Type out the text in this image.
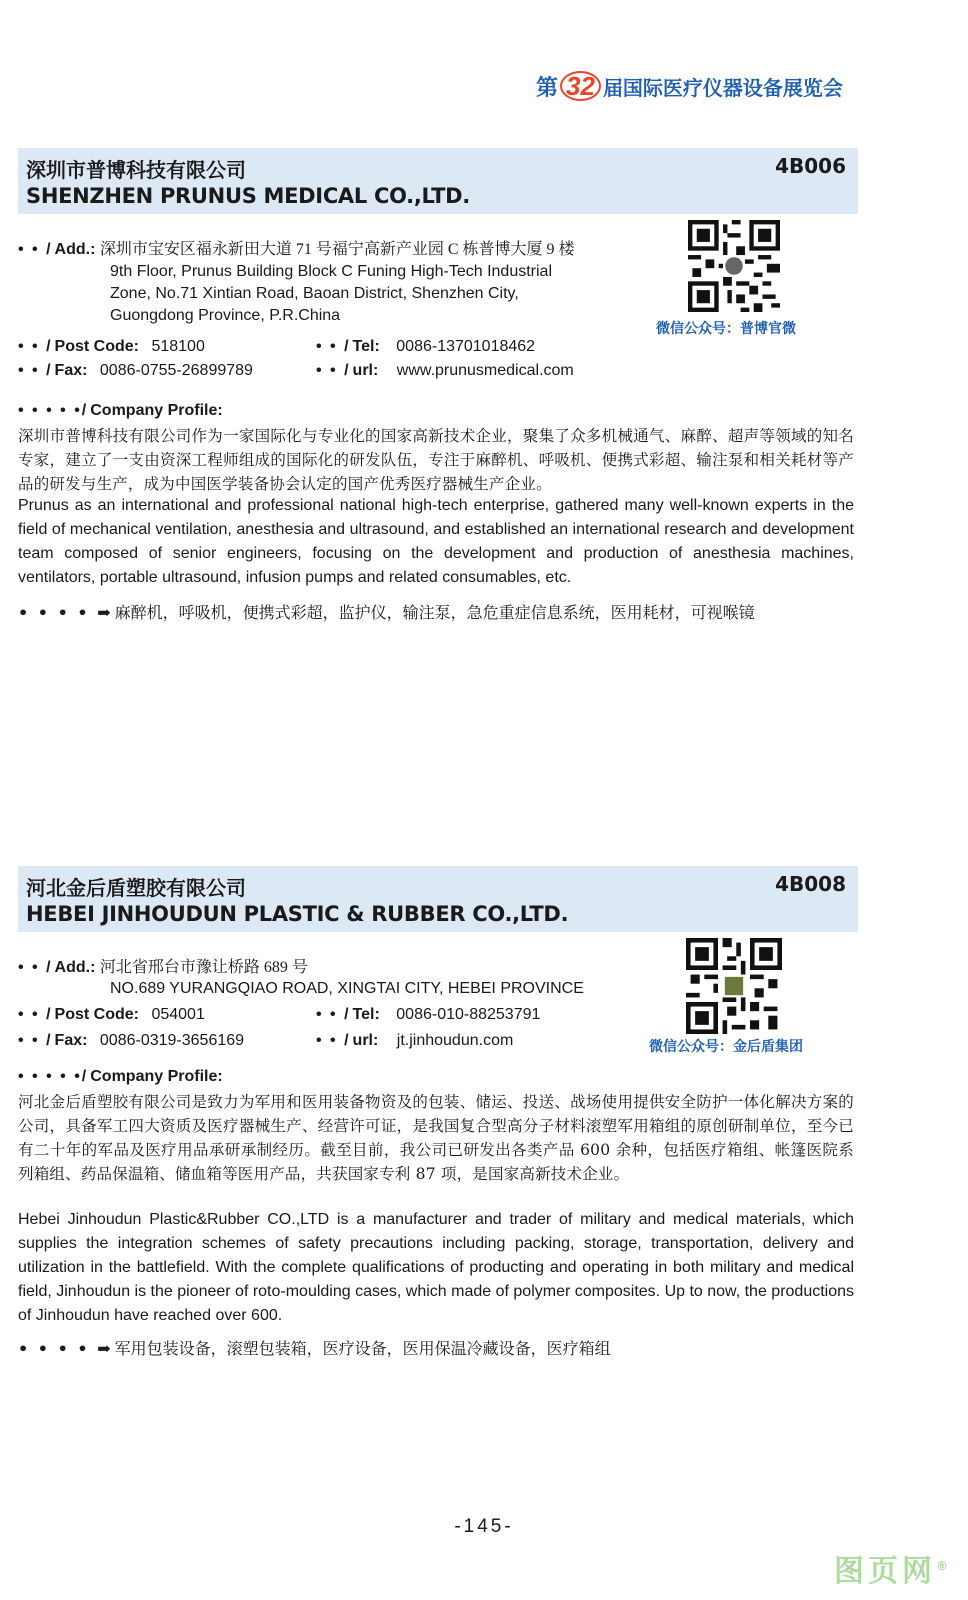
第 32 届国际医疗仪器设备展览会
深圳市普博科技有限公司
SHENZHEN PRUNUS MEDICAL CO.,LTD.
4B006
• • / Add.: 深圳市宝安区福永新田大道 71 号福宁高新产业园 C 栋普博大厦 9 楼
9th Floor, Prunus Building Block C Funing High-Tech Industrial
Zone, No.71 Xintian Road, Baoan District, Shenzhen City,
Guongdong Province, P.R.China
• • / Post Code: 518100	• • / Tel: 0086-13701018462
• • / Fax: 0086-0755-26899789	• • / url: www.prunusmedical.com
微信公众号：普博官微
• • • • •/ Company Profile:
深圳市普博科技有限公司作为一家国际化与专业化的国家高新技术企业，聚集了众多机械通气、麻醉、超声等领域的知名专家，建立了一支由资深工程师组成的国际化的研发队伍，专注于麻醉机、呼吸机、便携式彩超、输注泵和相关耗材等产品的研发与生产，成为中国医学装备协会认定的国产优秀医疗器械生产企业。
Prunus as an international and professional national high-tech enterprise, gathered many well-known experts in the field of mechanical ventilation, anesthesia and ultrasound, and established an international research and development team composed of senior engineers, focusing on the development and production of anesthesia machines, ventilators, portable ultrasound, infusion pumps and related consumables, etc.
• • • • ➡ 麻醉机，呼吸机，便携式彩超，监护仪，输注泵，急危重症信息系统，医用耗材，可视喉镜
河北金后盾塑胶有限公司
HEBEI JINHOUDUN PLASTIC & RUBBER CO.,LTD.
4B008
• • / Add.: 河北省邢台市豫让桥路 689 号
NO.689 YURANGQIAO ROAD, XINGTAI CITY, HEBEI PROVINCE
• • / Post Code: 054001	• • / Tel: 0086-010-88253791
• • / Fax: 0086-0319-3656169	• • / url: jt.jinhoudun.com	微信公众号：金后盾集团
• • • • •/ Company Profile:
河北金后盾塑胶有限公司是致力为军用和医用装备物资及的包装、储运、投送、战场使用提供安全防护一体化解决方案的公司，具备军工四大资质及医疗器械生产、经营许可证，是我国复合型高分子材料滚塑军用箱组的原创研制单位，至今已有二十年的军品及医疗用品承研承制经历。截至目前，我公司已研发出各类产品 600 余种，包括医疗箱组、帐篷医院系列箱组、药品保温箱、储血箱等医用产品，共获国家专利 87 项，是国家高新技术企业。
Hebei Jinhoudun Plastic&Rubber CO.,LTD is a manufacturer and trader of military and medical materials, which supplies the integration schemes of safety precautions including packing, storage, transportation, delivery and utilization in the battlefield. With the complete qualifications of producting and operating in both military and medical field, Jinhoudun is the pioneer of roto-moulding cases, which made of polymer composites. Up to now, the productions of Jinhoudun have reached over 600.
• • • • ➡ 军用包装设备，滚塑包装箱，医疗设备，医用保温冷藏设备，医疗箱组
-145-
图页网®
